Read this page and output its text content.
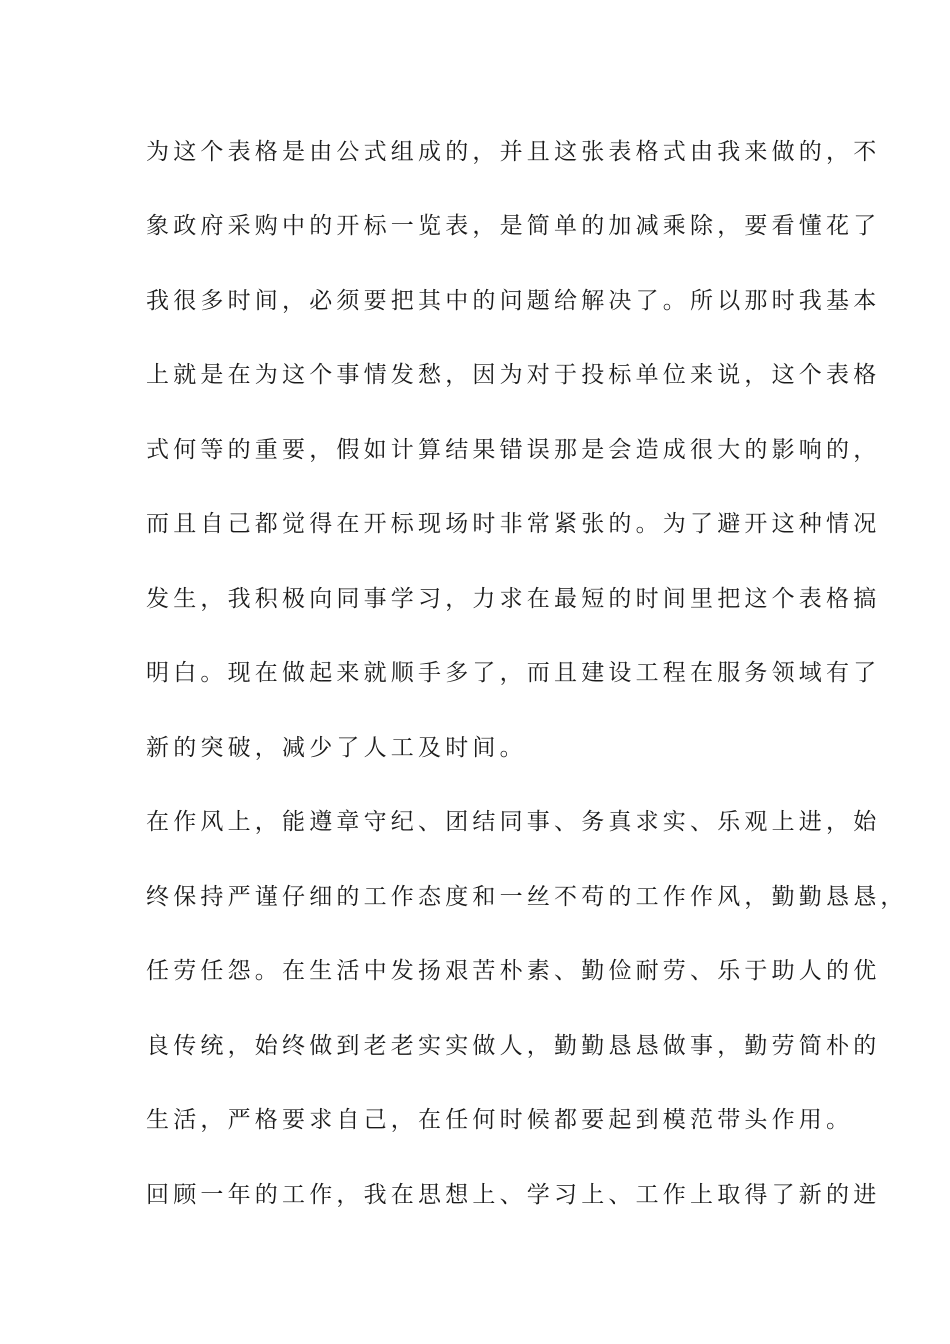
为这个表格是由公式组成的，并且这张表格式由我来做的，不
象政府采购中的开标一览表，是简单的加减乘除，要看懂花了
我很多时间，必须要把其中的问题给解决了。所以那时我基本
上就是在为这个事情发愁，因为对于投标单位来说，这个表格
式何等的重要，假如计算结果错误那是会造成很大的影响的，
而且自己都觉得在开标现场时非常紧张的。为了避开这种情况
发生，我积极向同事学习，力求在最短的时间里把这个表格搞
明白。现在做起来就顺手多了，而且建设工程在服务领域有了
新的突破，减少了人工及时间。
在作风上，能遵章守纪、团结同事、务真求实、乐观上进，始
终保持严谨仔细的工作态度和一丝不苟的工作作风，勤勤恳恳，
任劳任怨。在生活中发扬艰苦朴素、勤俭耐劳、乐于助人的优
良传统，始终做到老老实实做人，勤勤恳恳做事，勤劳简朴的
生活，严格要求自己，在任何时候都要起到模范带头作用。
回顾一年的工作，我在思想上、学习上、工作上取得了新的进
